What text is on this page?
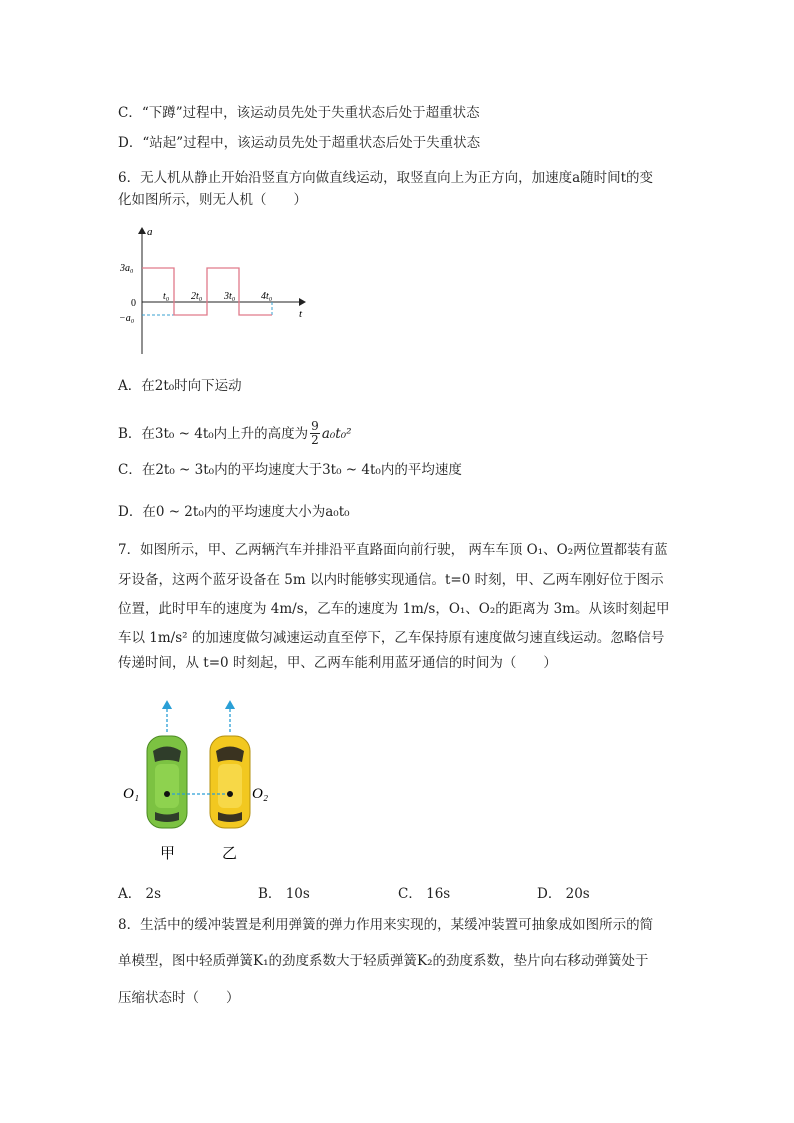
C．“下蹲”过程中，该运动员先处于失重状态后处于超重状态
D．“站起”过程中，该运动员先处于超重状态后处于失重状态
6．无人机从静止开始沿竖直方向做直线运动，取竖直向上为正方向，加速度a随时间t的变
化如图所示，则无人机（　　）
a
t
3a₀
0
−a₀
t₀ 2t₀ 3t₀	4t₀
A．在2t₀时向下运动
B．在3t₀ ~ 4t₀内上升的高度为 $\frac{9}{2} a_0t_0^2$
C．在2t₀ ~ 3t₀内的平均速度大于3t₀ ~ 4t₀内的平均速度
D．在0 ~ 2t₀内的平均速度大小为a₀t₀
7．如图所示，甲、乙两辆汽车并排沿平直路面向前行驶， 两车车顶 O₁、O₂两位置都装有蓝
牙设备，这两个蓝牙设备在 5m 以内时能够实现通信。t=0 时刻，甲、乙两车刚好位于图示
位置，此时甲车的速度为 4m/s，乙车的速度为 1m/s，O₁、O₂的距离为 3m。从该时刻起甲
车以 1m/s² 的加速度做匀减速运动直至停下，乙车保持原有速度做匀速直线运动。忽略信号
传递时间，从 t=0 时刻起，甲、乙两车能利用蓝牙通信的时间为（　　）
O₁	O₂
甲	乙
A． 2s	B． 10s	C． 16s	D． 20s
8．生活中的缓冲装置是利用弹簧的弹力作用来实现的，某缓冲装置可抽象成如图所示的简
单模型，图中轻质弹簧K₁的劲度系数大于轻质弹簧K₂的劲度系数，垫片向右移动弹簧处于
压缩状态时（　　）
